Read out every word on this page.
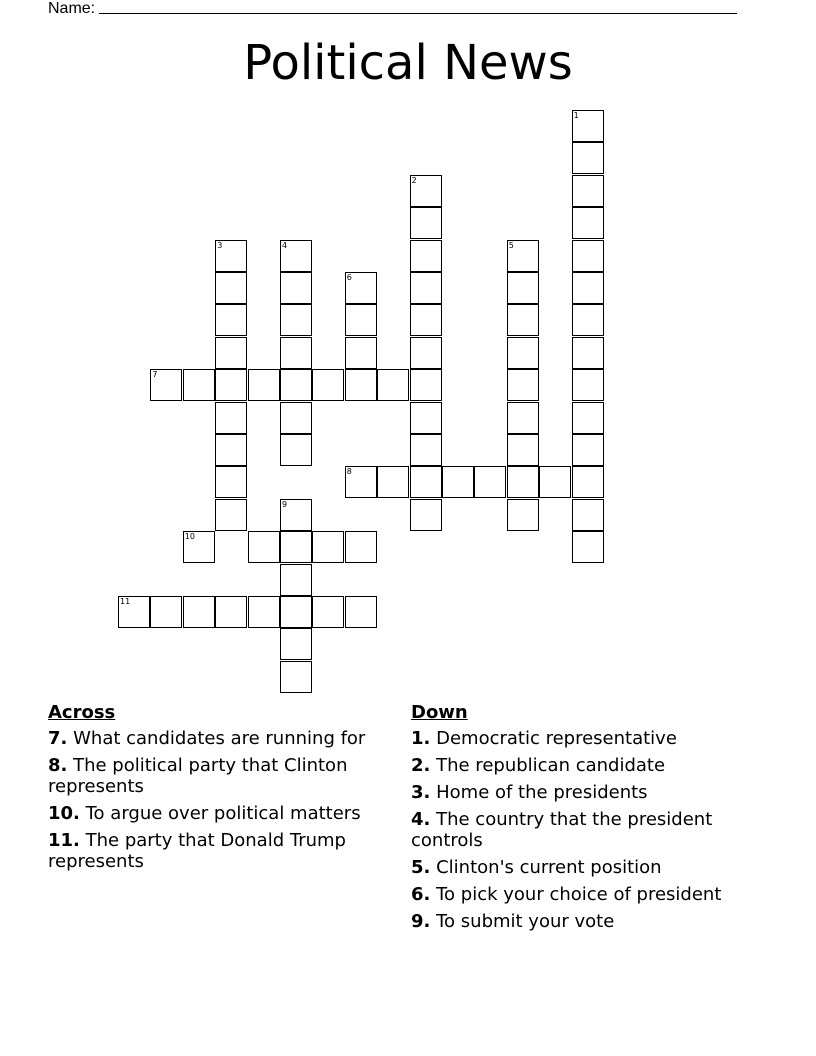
Name:
Political News
1
2
3	4	5
6
7
8
9
10
11
Across
7. What candidates are running for
8. The political party that Clinton represents
10. To argue over political matters
11. The party that Donald Trump represents
Down
1. Democratic representative
2. The republican candidate
3. Home of the presidents
4. The country that the president controls
5. Clinton's current position
6. To pick your choice of president
9. To submit your vote
